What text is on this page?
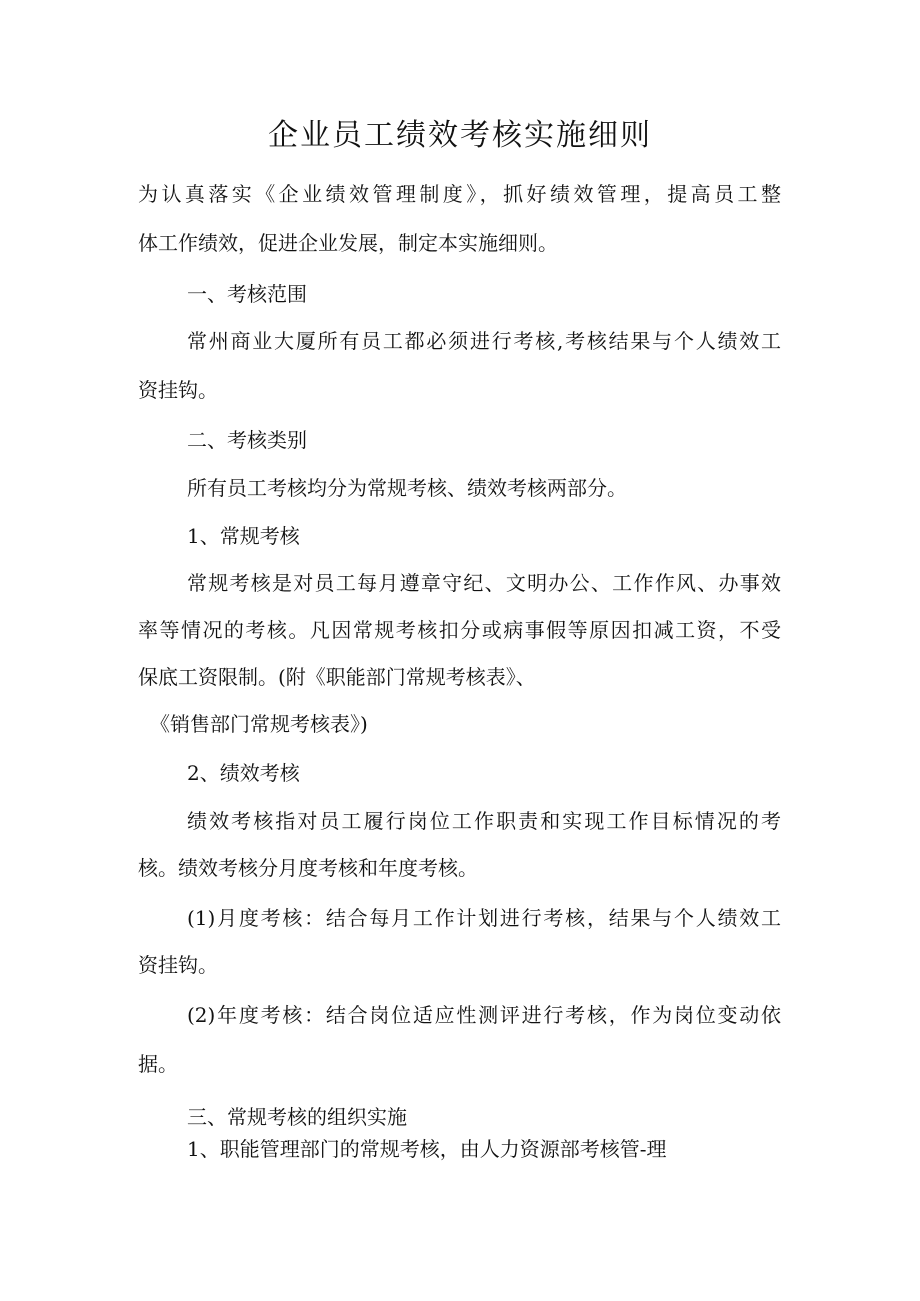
企业员工绩效考核实施细则

为认真落实《企业绩效管理制度》，抓好绩效管理，提高员工整

体工作绩效，促进企业发展，制定本实施细则。

一、考核范围

常州商业大厦所有员工都必须进行考核,考核结果与个人绩效工

资挂钩。

二、考核类别

所有员工考核均分为常规考核、绩效考核两部分。

1、常规考核

常规考核是对员工每月遵章守纪、文明办公、工作作风、办事效

率等情况的考核。凡因常规考核扣分或病事假等原因扣减工资，不受

保底工资限制。(附《职能部门常规考核表》、

《销售部门常规考核表》)

2、绩效考核

绩效考核指对员工履行岗位工作职责和实现工作目标情况的考

核。绩效考核分月度考核和年度考核。

(1)月度考核：结合每月工作计划进行考核，结果与个人绩效工

资挂钩。

(2)年度考核：结合岗位适应性测评进行考核，作为岗位变动依

据。

三、常规考核的组织实施

1、职能管理部门的常规考核，由人力资源部考核管-理
